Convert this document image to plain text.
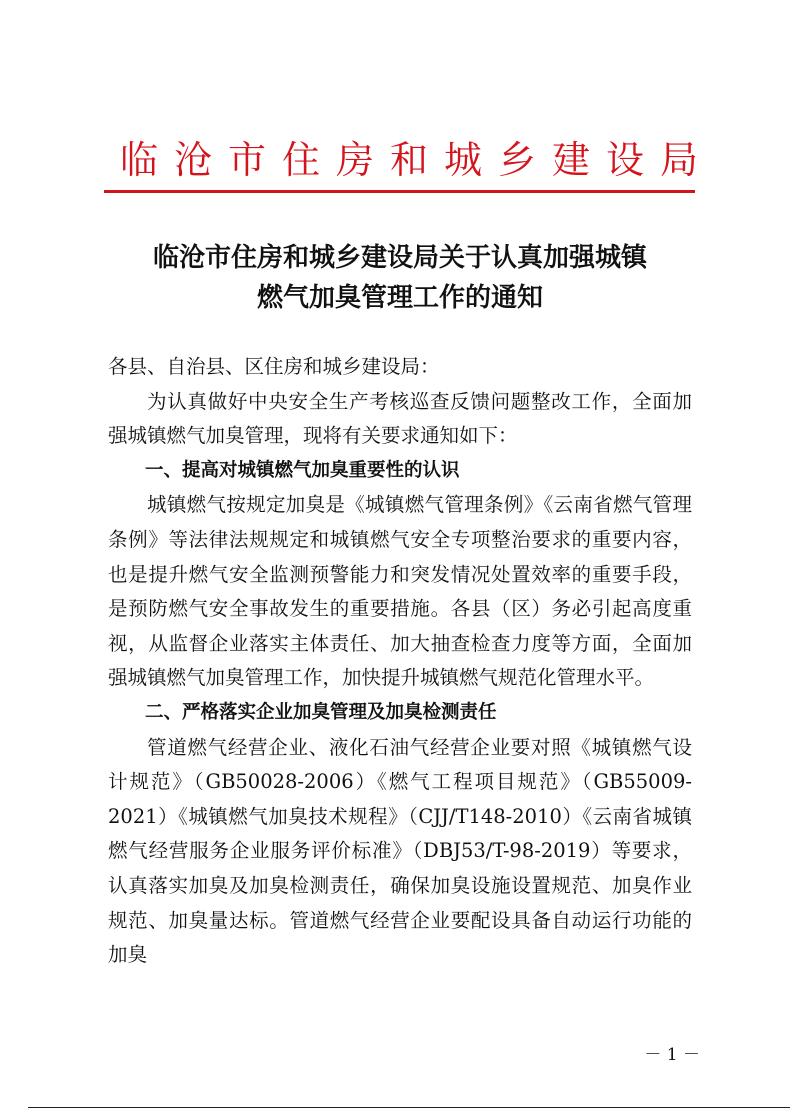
临沧市住房和城乡建设局
临沧市住房和城乡建设局关于认真加强城镇
燃气加臭管理工作的通知

各县、自治县、区住房和城乡建设局：

为认真做好中央安全生产考核巡查反馈问题整改工作，全面加强城镇燃气加臭管理，现将有关要求通知如下：

一、提高对城镇燃气加臭重要性的认识

城镇燃气按规定加臭是《城镇燃气管理条例》《云南省燃气管理条例》等法律法规规定和城镇燃气安全专项整治要求的重要内容，也是提升燃气安全监测预警能力和突发情况处置效率的重要手段，是预防燃气安全事故发生的重要措施。各县（区）务必引起高度重视，从监督企业落实主体责任、加大抽查检查力度等方面，全面加强城镇燃气加臭管理工作，加快提升城镇燃气规范化管理水平。

二、严格落实企业加臭管理及加臭检测责任

管道燃气经营企业、液化石油气经营企业要对照《城镇燃气设计规范》（GB50028-2006）《燃气工程项目规范》（GB55009-2021）《城镇燃气加臭技术规程》（CJJ/T148-2010）《云南省城镇燃气经营服务企业服务评价标准》（DBJ53/T-98-2019）等要求，认真落实加臭及加臭检测责任，确保加臭设施设置规范、加臭作业规范、加臭量达标。管道燃气经营企业要配设具备自动运行功能的加臭

－ 1 －
